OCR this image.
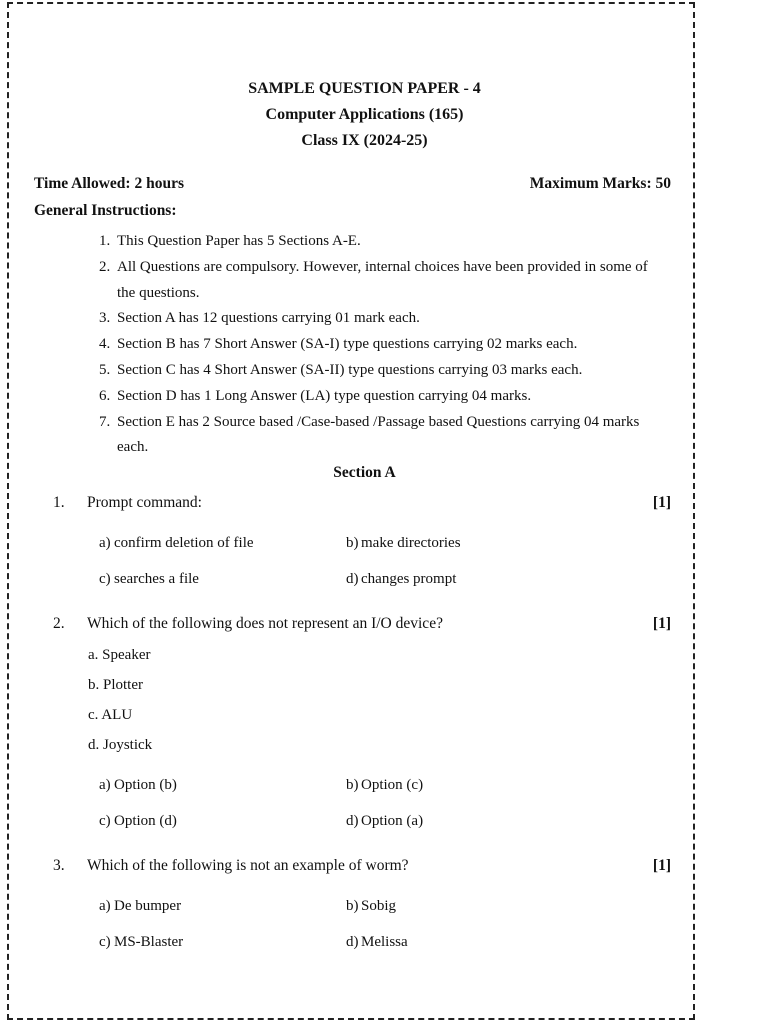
SAMPLE QUESTION PAPER - 4
Computer Applications (165)
Class IX (2024-25)
Time Allowed: 2 hours	Maximum Marks: 50
General Instructions:
1. This Question Paper has 5 Sections A-E.
2. All Questions are compulsory. However, internal choices have been provided in some of the questions.
3. Section A has 12 questions carrying 01 mark each.
4. Section B has 7 Short Answer (SA-I) type questions carrying 02 marks each.
5. Section C has 4 Short Answer (SA-II) type questions carrying 03 marks each.
6. Section D has 1 Long Answer (LA) type question carrying 04 marks.
7. Section E has 2 Source based /Case-based /Passage based Questions carrying 04 marks each.
Section A
1. Prompt command:	[1]
a) confirm deletion of file	b) make directories
c) searches a file	d) changes prompt
2. Which of the following does not represent an I/O device?	[1]
a. Speaker
b. Plotter
c. ALU
d. Joystick
a) Option (b)	b) Option (c)
c) Option (d)	d) Option (a)
3. Which of the following is not an example of worm?	[1]
a) De bumper	b) Sobig
c) MS-Blaster	d) Melissa
